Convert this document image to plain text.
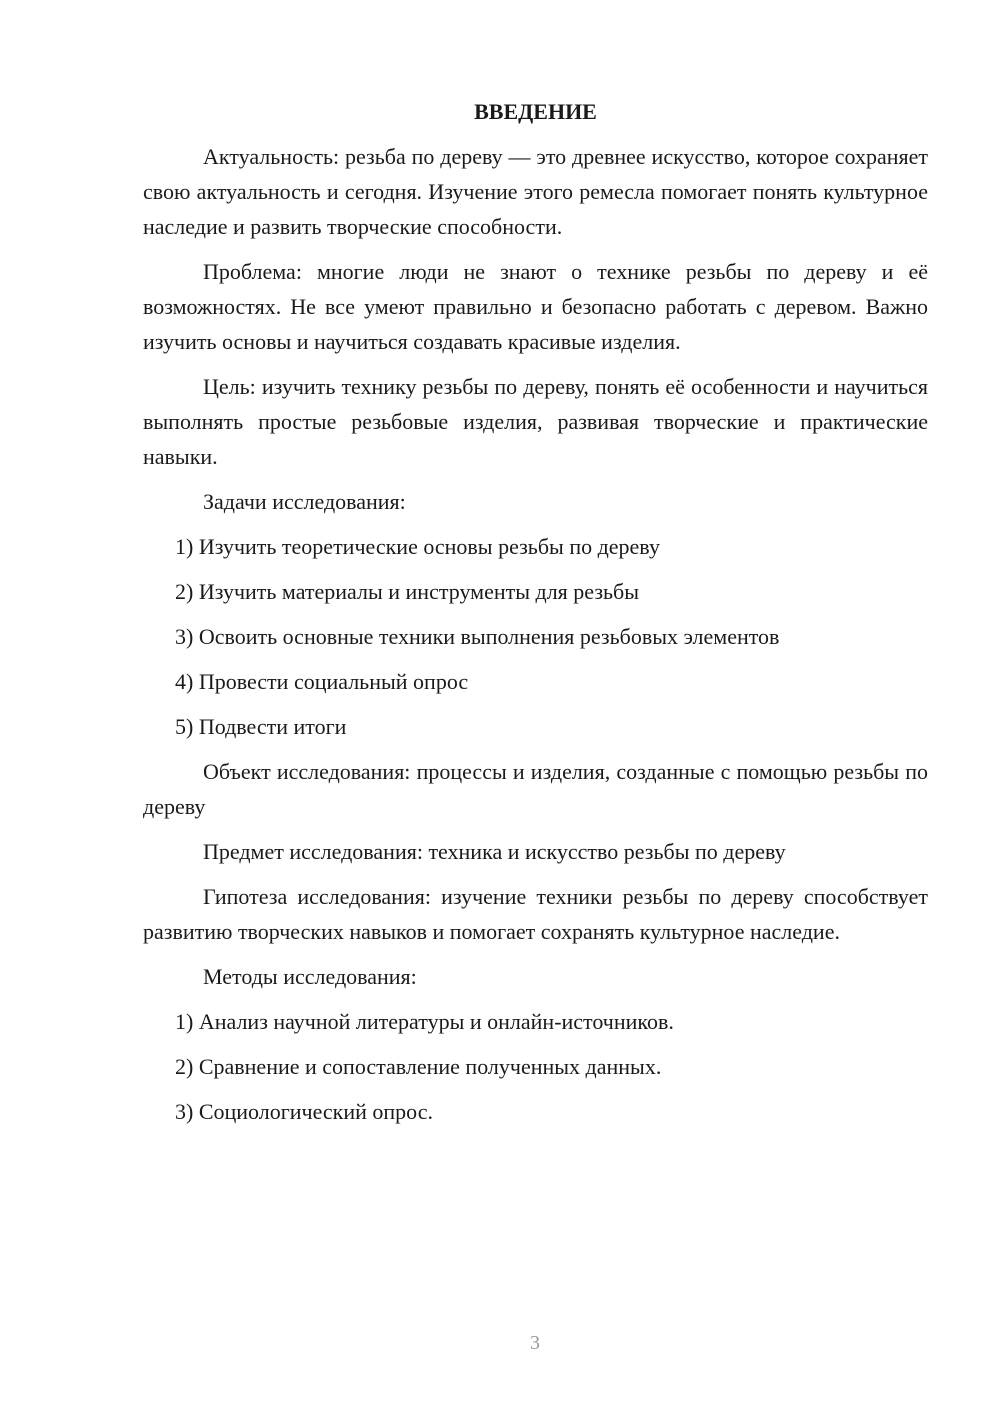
ВВЕДЕНИЕ

Актуальность: резьба по дереву — это древнее искусство, которое сохраняет свою актуальность и сегодня. Изучение этого ремесла помогает понять культурное наследие и развить творческие способности.

Проблема: многие люди не знают о технике резьбы по дереву и её возможностях. Не все умеют правильно и безопасно работать с деревом. Важно изучить основы и научиться создавать красивые изделия.

Цель: изучить технику резьбы по дереву, понять её особенности и научиться выполнять простые резьбовые изделия, развивая творческие и практические навыки.

Задачи исследования:

1) Изучить теоретические основы резьбы по дереву
2) Изучить материалы и инструменты для резьбы
3) Освоить основные техники выполнения резьбовых элементов
4) Провести социальный опрос
5) Подвести итоги

Объект исследования: процессы и изделия, созданные с помощью резьбы по дереву

Предмет исследования: техника и искусство резьбы по дереву

Гипотеза исследования: изучение техники резьбы по дереву способствует развитию творческих навыков и помогает сохранять культурное наследие.

Методы исследования:

1) Анализ научной литературы и онлайн-источников.
2) Сравнение и сопоставление полученных данных.
3) Социологический опрос.
3
